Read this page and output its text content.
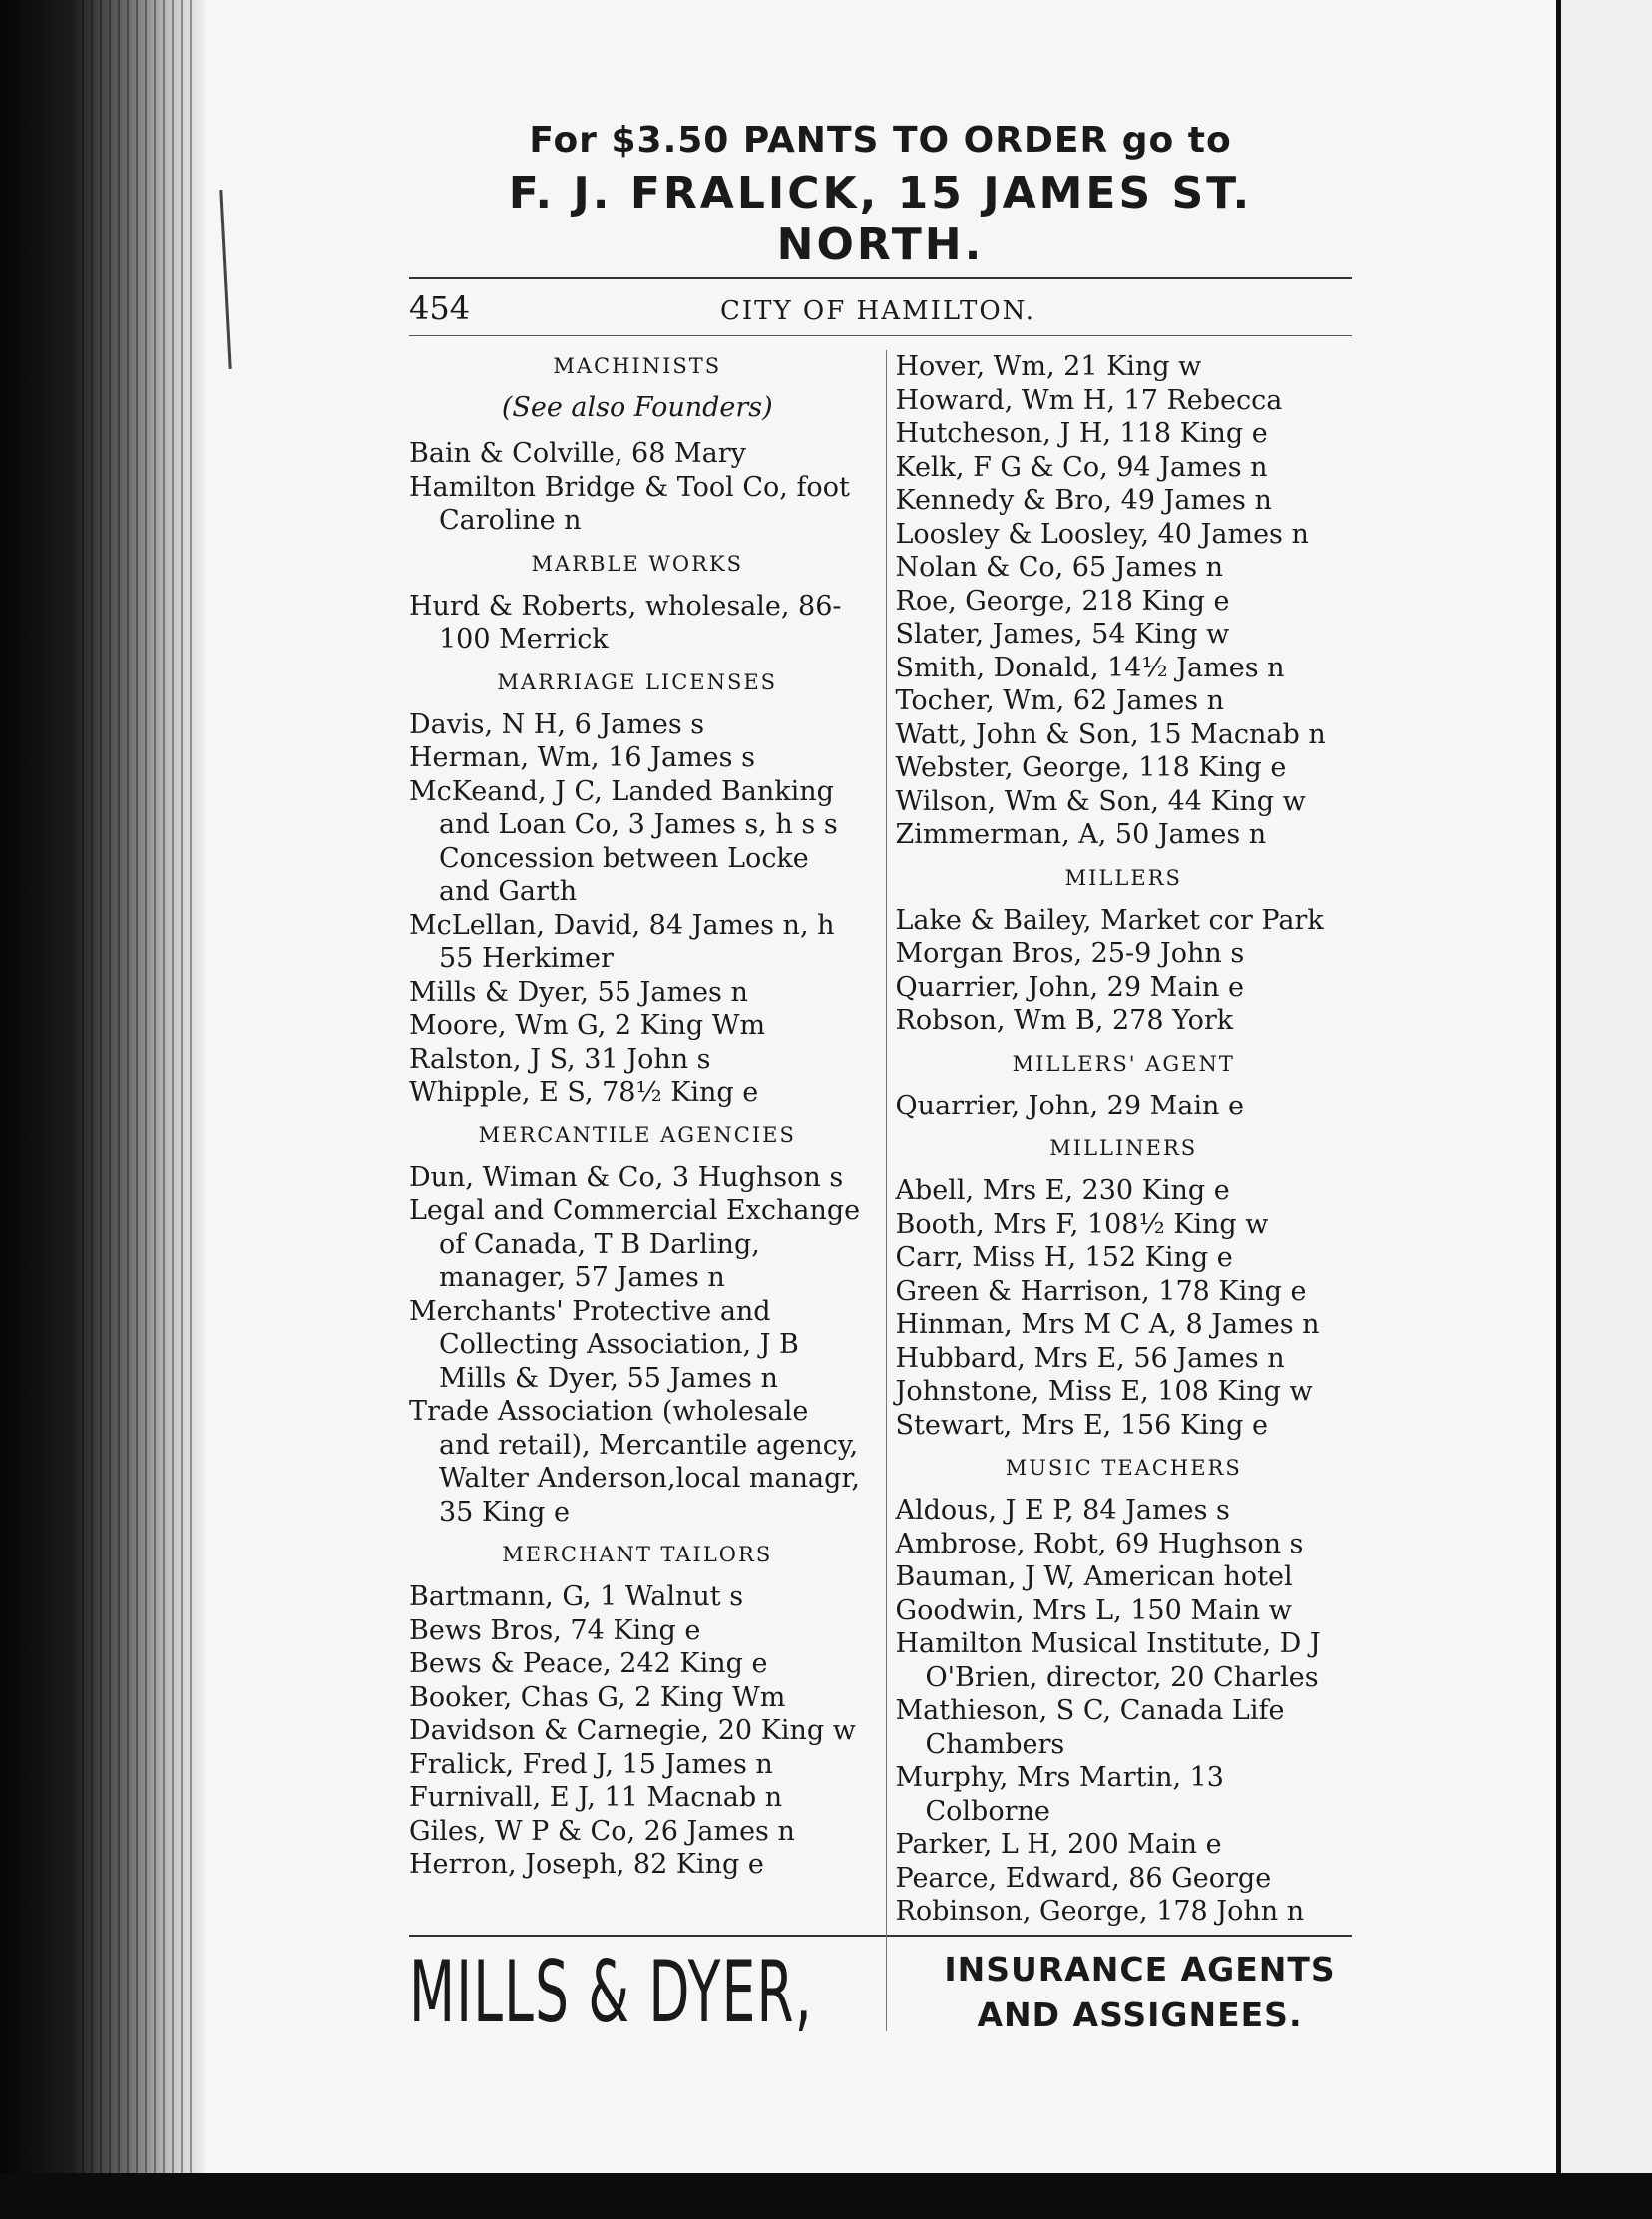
For $3.50 PANTS TO ORDER go to
F. J. FRALICK, 15 JAMES ST. NORTH.
454	CITY OF HAMILTON.
MACHINISTS
(See also Founders)
Bain & Colville, 68 Mary
Hamilton Bridge & Tool Co, foot Caroline n
MARBLE WORKS
Hurd & Roberts, wholesale, 86-100 Merrick
MARRIAGE LICENSES
Davis, N H, 6 James s
Herman, Wm, 16 James s
McKeand, J C, Landed Banking and Loan Co, 3 James s, h s s Concession between Locke and Garth
McLellan, David, 84 James n, h 55 Herkimer
Mills & Dyer, 55 James n
Moore, Wm G, 2 King Wm
Ralston, J S, 31 John s
Whipple, E S, 78½ King e
MERCANTILE AGENCIES
Dun, Wiman & Co, 3 Hughson s
Legal and Commercial Exchange of Canada, T B Darling, manager, 57 James n
Merchants' Protective and Collecting Association, J B Mills & Dyer, 55 James n
Trade Association (wholesale and retail), Mercantile agency, Walter Anderson,local managr, 35 King e
MERCHANT TAILORS
Bartmann, G, 1 Walnut s
Bews Bros, 74 King e
Bews & Peace, 242 King e
Booker, Chas G, 2 King Wm
Davidson & Carnegie, 20 King w
Fralick, Fred J, 15 James n
Furnivall, E J, 11 Macnab n
Giles, W P & Co, 26 James n
Herron, Joseph, 82 King e
Hover, Wm, 21 King w
Howard, Wm H, 17 Rebecca
Hutcheson, J H, 118 King e
Kelk, F G & Co, 94 James n
Kennedy & Bro, 49 James n
Loosley & Loosley, 40 James n
Nolan & Co, 65 James n
Roe, George, 218 King e
Slater, James, 54 King w
Smith, Donald, 14½ James n
Tocher, Wm, 62 James n
Watt, John & Son, 15 Macnab n
Webster, George, 118 King e
Wilson, Wm & Son, 44 King w
Zimmerman, A, 50 James n
MILLERS
Lake & Bailey, Market cor Park
Morgan Bros, 25-9 John s
Quarrier, John, 29 Main e
Robson, Wm B, 278 York
MILLERS' AGENT
Quarrier, John, 29 Main e
MILLINERS
Abell, Mrs E, 230 King e
Booth, Mrs F, 108½ King w
Carr, Miss H, 152 King e
Green & Harrison, 178 King e
Hinman, Mrs M C A, 8 James n
Hubbard, Mrs E, 56 James n
Johnstone, Miss E, 108 King w
Stewart, Mrs E, 156 King e
MUSIC TEACHERS
Aldous, J E P, 84 James s
Ambrose, Robt, 69 Hughson s
Bauman, J W, American hotel
Goodwin, Mrs L, 150 Main w
Hamilton Musical Institute, D J O'Brien, director, 20 Charles
Mathieson, S C, Canada Life Chambers
Murphy, Mrs Martin, 13 Colborne
Parker, L H, 200 Main e
Pearce, Edward, 86 George
Robinson, George, 178 John n
MILLS & DYER,	INSURANCE AGENTS
AND ASSIGNEES.
